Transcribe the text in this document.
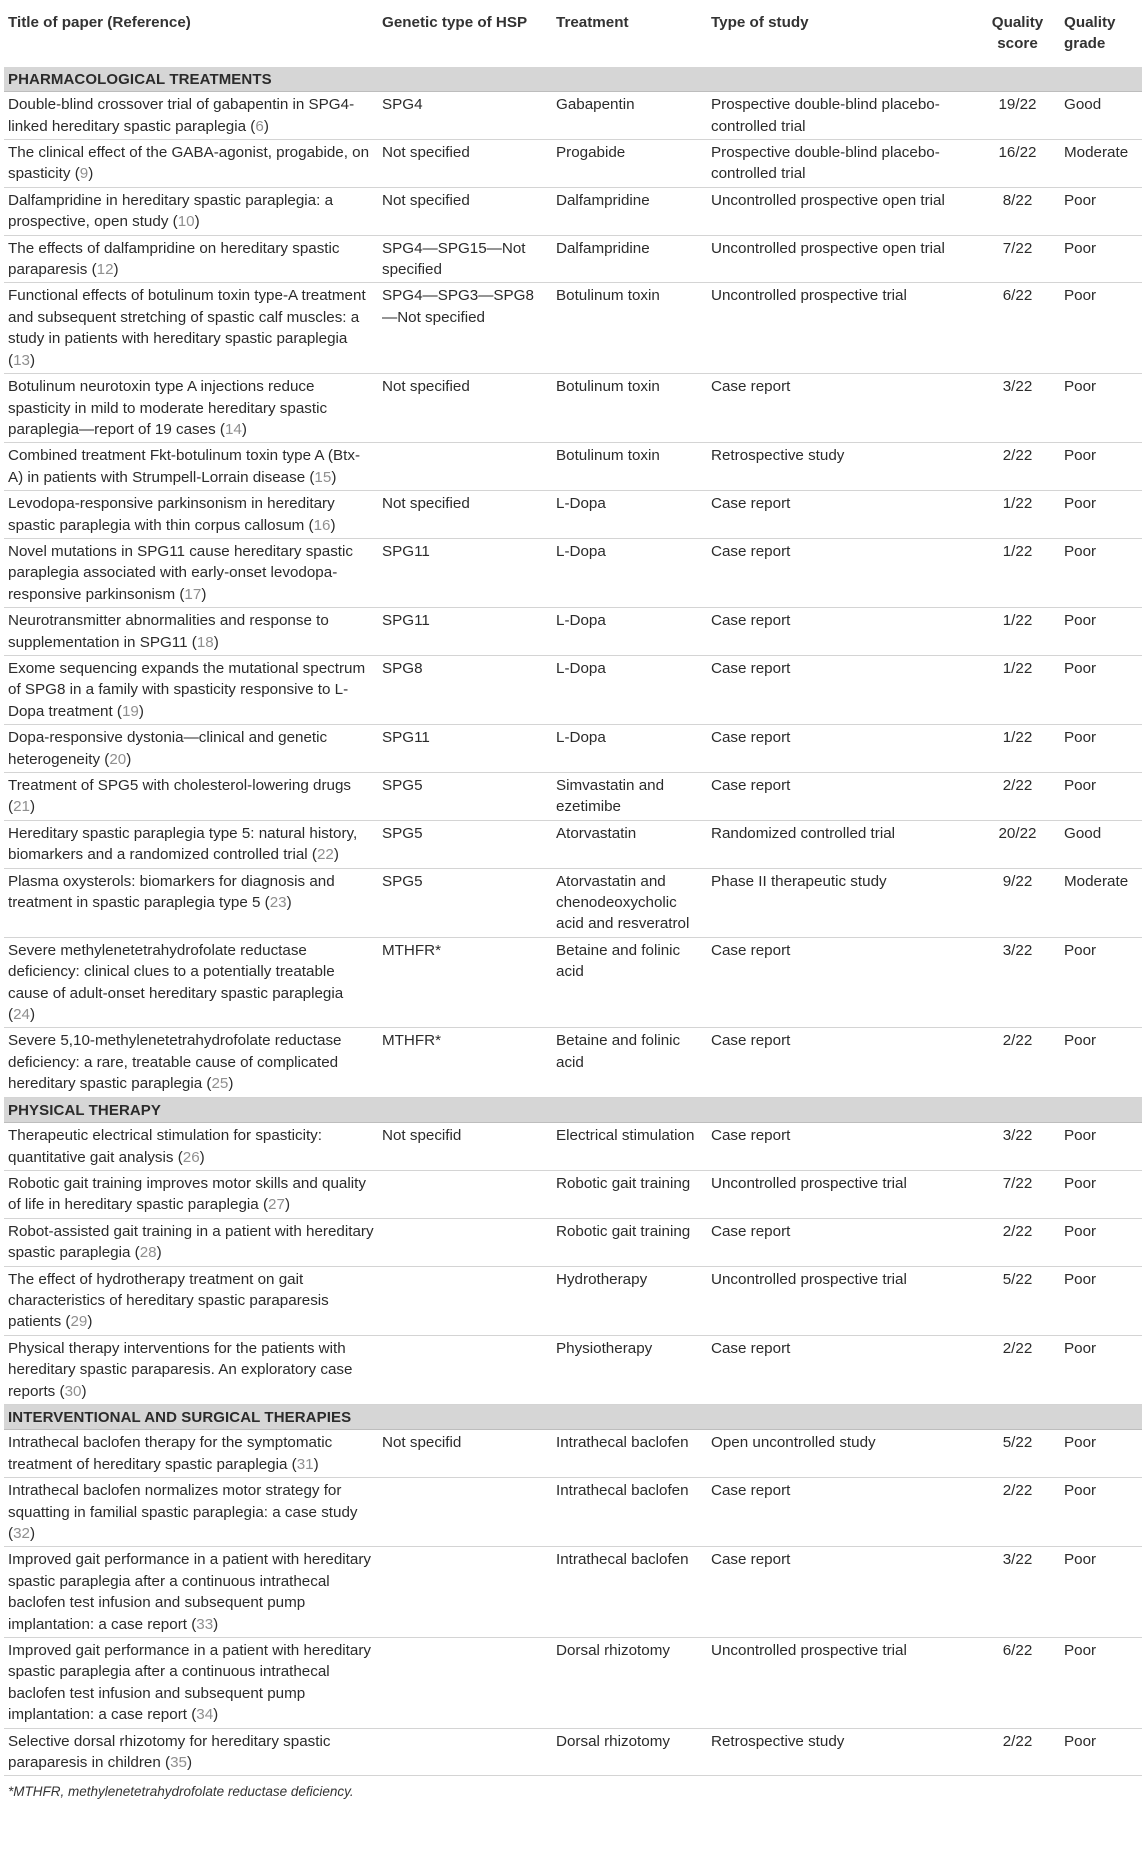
Title of paper (Reference)	Genetic type of HSP	Treatment	Type of study	Quality score	Quality grade
PHARMACOLOGICAL TREATMENTS					
Double-blind crossover trial of gabapentin in SPG4-linked hereditary spastic paraplegia (6)	SPG4	Gabapentin	Prospective double-blind placebo-controlled trial	19/22	Good
The clinical effect of the GABA-agonist, progabide, on spasticity (9)	Not specified	Progabide	Prospective double-blind placebo-controlled trial	16/22	Moderate
Dalfampridine in hereditary spastic paraplegia: a prospective, open study (10)	Not specified	Dalfampridine	Uncontrolled prospective open trial	8/22	Poor
The effects of dalfampridine on hereditary spastic paraparesis (12)	SPG4—SPG15—Not specified	Dalfampridine	Uncontrolled prospective open trial	7/22	Poor
Functional effects of botulinum toxin type-A treatment and subsequent stretching of spastic calf muscles: a study in patients with hereditary spastic paraplegia (13)	SPG4—SPG3—SPG8—Not specified	Botulinum toxin	Uncontrolled prospective trial	6/22	Poor
Botulinum neurotoxin type A injections reduce spasticity in mild to moderate hereditary spastic paraplegia—report of 19 cases (14)	Not specified	Botulinum toxin	Case report	3/22	Poor
Combined treatment Fkt-botulinum toxin type A (Btx-A) in patients with Strumpell-Lorrain disease (15)		Botulinum toxin	Retrospective study	2/22	Poor
Levodopa-responsive parkinsonism in hereditary spastic paraplegia with thin corpus callosum (16)	Not specified	L-Dopa	Case report	1/22	Poor
Novel mutations in SPG11 cause hereditary spastic paraplegia associated with early-onset levodopa-responsive parkinsonism (17)	SPG11	L-Dopa	Case report	1/22	Poor
Neurotransmitter abnormalities and response to supplementation in SPG11 (18)	SPG11	L-Dopa	Case report	1/22	Poor
Exome sequencing expands the mutational spectrum of SPG8 in a family with spasticity responsive to L-Dopa treatment (19)	SPG8	L-Dopa	Case report	1/22	Poor
Dopa-responsive dystonia—clinical and genetic heterogeneity (20)	SPG11	L-Dopa	Case report	1/22	Poor
Treatment of SPG5 with cholesterol-lowering drugs (21)	SPG5	Simvastatin and ezetimibe	Case report	2/22	Poor
Hereditary spastic paraplegia type 5: natural history, biomarkers and a randomized controlled trial (22)	SPG5	Atorvastatin	Randomized controlled trial	20/22	Good
Plasma oxysterols: biomarkers for diagnosis and treatment in spastic paraplegia type 5 (23)	SPG5	Atorvastatin and chenodeoxycholic acid and resveratrol	Phase II therapeutic study	9/22	Moderate
Severe methylenetetrahydrofolate reductase deficiency: clinical clues to a potentially treatable cause of adult-onset hereditary spastic paraplegia (24)	MTHFR*	Betaine and folinic acid	Case report	3/22	Poor
Severe 5,10-methylenetetrahydrofolate reductase deficiency: a rare, treatable cause of complicated hereditary spastic paraplegia (25)	MTHFR*	Betaine and folinic acid	Case report	2/22	Poor
PHYSICAL THERAPY					
Therapeutic electrical stimulation for spasticity: quantitative gait analysis (26)	Not specifid	Electrical stimulation	Case report	3/22	Poor
Robotic gait training improves motor skills and quality of life in hereditary spastic paraplegia (27)		Robotic gait training	Uncontrolled prospective trial	7/22	Poor
Robot-assisted gait training in a patient with hereditary spastic paraplegia (28)		Robotic gait training	Case report	2/22	Poor
The effect of hydrotherapy treatment on gait characteristics of hereditary spastic paraparesis patients (29)		Hydrotherapy	Uncontrolled prospective trial	5/22	Poor
Physical therapy interventions for the patients with hereditary spastic paraparesis. An exploratory case reports (30)		Physiotherapy	Case report	2/22	Poor
INTERVENTIONAL AND SURGICAL THERAPIES					
Intrathecal baclofen therapy for the symptomatic treatment of hereditary spastic paraplegia (31)	Not specifid	Intrathecal baclofen	Open uncontrolled study	5/22	Poor
Intrathecal baclofen normalizes motor strategy for squatting in familial spastic paraplegia: a case study (32)		Intrathecal baclofen	Case report	2/22	Poor
Improved gait performance in a patient with hereditary spastic paraplegia after a continuous intrathecal baclofen test infusion and subsequent pump implantation: a case report (33)		Intrathecal baclofen	Case report	3/22	Poor
Improved gait performance in a patient with hereditary spastic paraplegia after a continuous intrathecal baclofen test infusion and subsequent pump implantation: a case report (34)		Dorsal rhizotomy	Uncontrolled prospective trial	6/22	Poor
Selective dorsal rhizotomy for hereditary spastic paraparesis in children (35)		Dorsal rhizotomy	Retrospective study	2/22	Poor
*MTHFR, methylenetetrahydrofolate reductase deficiency.
